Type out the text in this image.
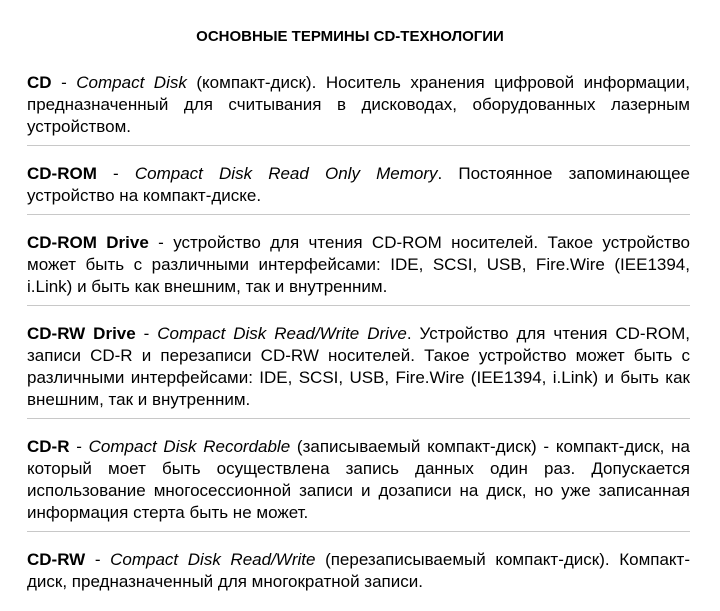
ОСНОВНЫЕ ТЕРМИНЫ CD-ТЕХНОЛОГИИ

CD - Compact Disk (компакт-диск). Носитель хранения цифровой информации, предназначенный для считывания в дисководах, оборудованных лазерным устройством.

CD-ROM - Compact Disk Read Only Memory. Постоянное запоминающее устройство на компакт-диске.

CD-ROM Drive - устройство для чтения CD-ROM носителей. Такое устройство может быть с различными интерфейсами: IDE, SCSI, USB, Fire.Wire (IEE1394, i.Link) и быть как внешним, так и внутренним.

CD-RW Drive - Compact Disk Read/Write Drive. Устройство для чтения CD-ROM, записи CD-R и перезаписи CD-RW носителей. Такое устройство может быть с различными интерфейсами: IDE, SCSI, USB, Fire.Wire (IEE1394, i.Link) и быть как внешним, так и внутренним.

CD-R - Compact Disk Recordable (записываемый компакт-диск) - компакт-диск, на который моет быть осуществлена запись данных один раз. Допускается использование многосессионной записи и дозаписи на диск, но уже записанная информация стерта быть не может.

CD-RW - Compact Disk Read/Write (перезаписываемый компакт-диск). Компакт-диск, предназначенный для многократной записи.
